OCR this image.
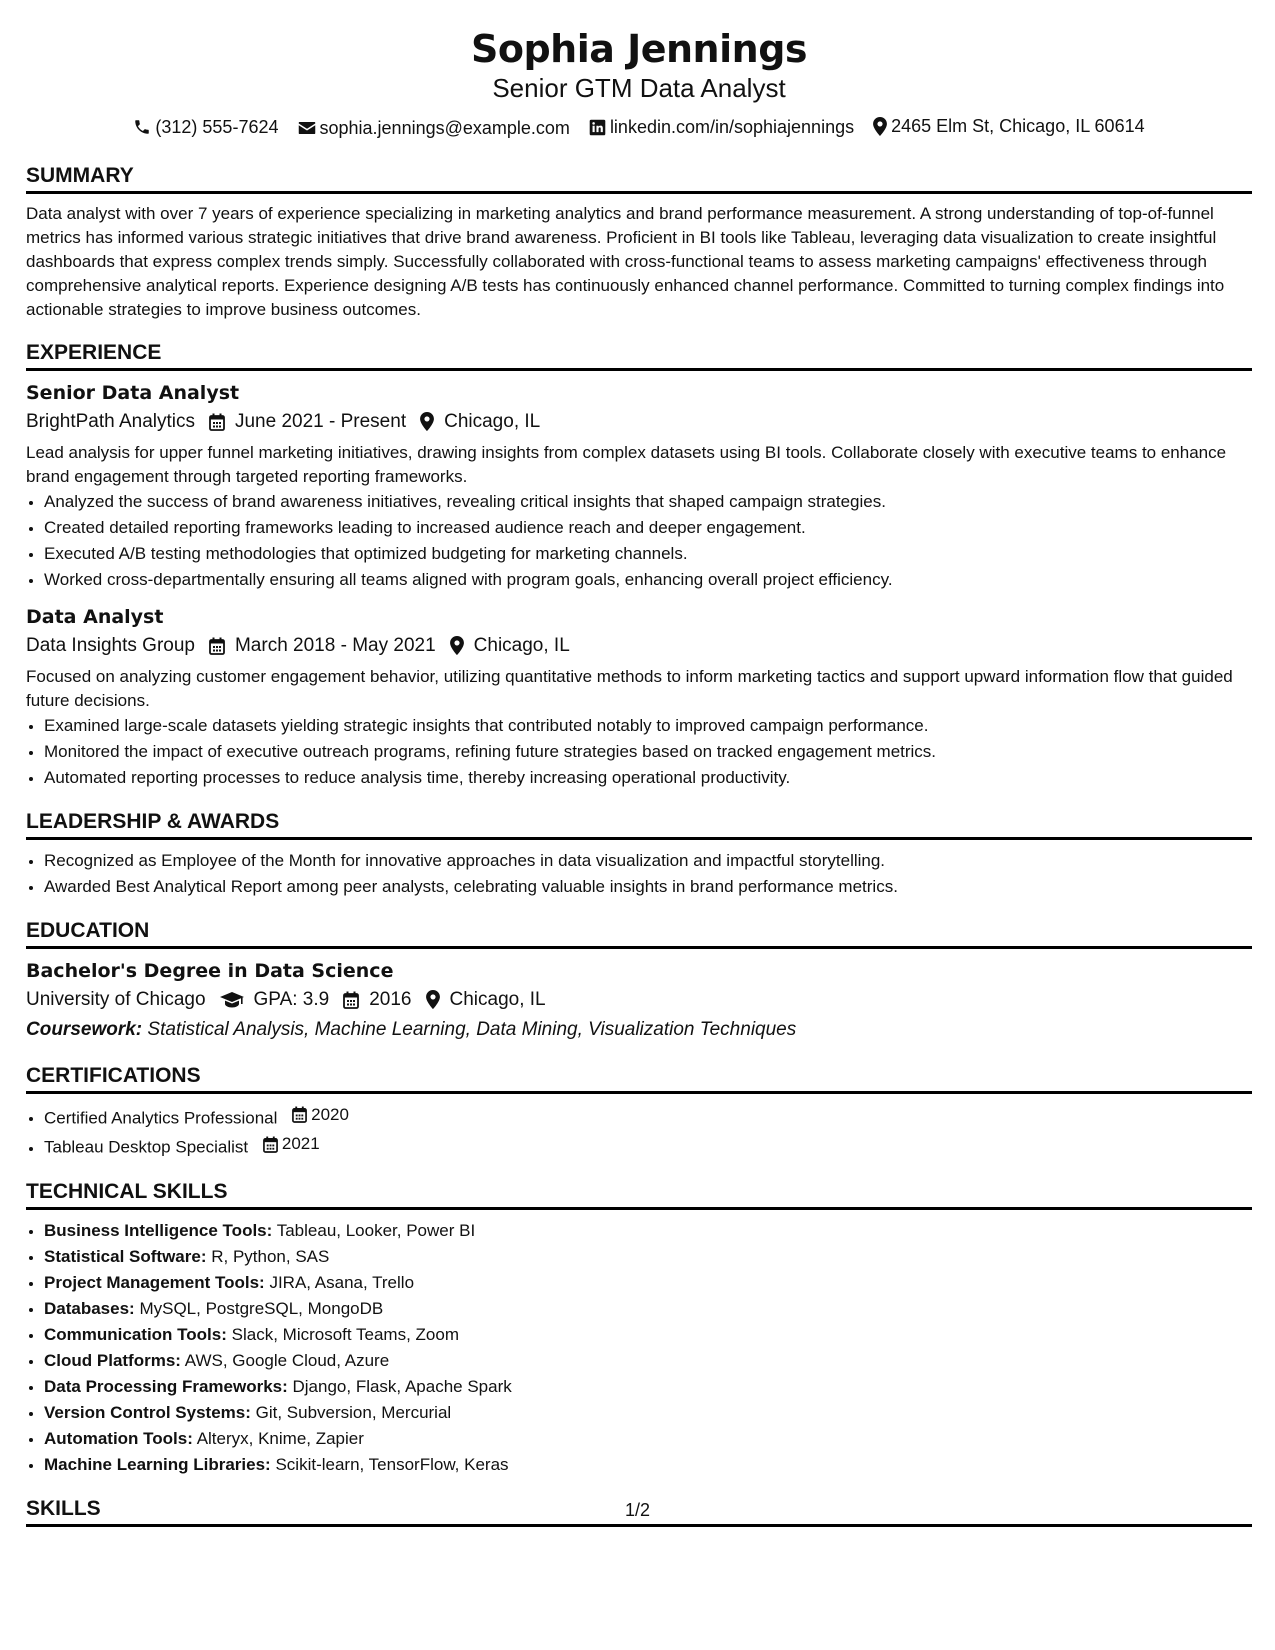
Sophia Jennings
Senior GTM Data Analyst
(312) 555-7624
sophia.jennings@example.com
linkedin.com/in/sophiajennings
2465 Elm St, Chicago, IL 60614
SUMMARY
Data analyst with over 7 years of experience specializing in marketing analytics and brand performance measurement. A strong understanding of top-of-funnel metrics has informed various strategic initiatives that drive brand awareness. Proficient in BI tools like Tableau, leveraging data visualization to create insightful dashboards that express complex trends simply. Successfully collaborated with cross-functional teams to assess marketing campaigns' effectiveness through comprehensive analytical reports. Experience designing A/B tests has continuously enhanced channel performance. Committed to turning complex findings into actionable strategies to improve business outcomes.
EXPERIENCE
Senior Data Analyst
BrightPath Analytics June 2021 - Present Chicago, IL
Lead analysis for upper funnel marketing initiatives, drawing insights from complex datasets using BI tools. Collaborate closely with executive teams to enhance brand engagement through targeted reporting frameworks.
• Analyzed the success of brand awareness initiatives, revealing critical insights that shaped campaign strategies.
• Created detailed reporting frameworks leading to increased audience reach and deeper engagement.
• Executed A/B testing methodologies that optimized budgeting for marketing channels.
• Worked cross-departmentally ensuring all teams aligned with program goals, enhancing overall project efficiency.
Data Analyst
Data Insights Group March 2018 - May 2021 Chicago, IL
Focused on analyzing customer engagement behavior, utilizing quantitative methods to inform marketing tactics and support upward information flow that guided future decisions.
• Examined large-scale datasets yielding strategic insights that contributed notably to improved campaign performance.
• Monitored the impact of executive outreach programs, refining future strategies based on tracked engagement metrics.
• Automated reporting processes to reduce analysis time, thereby increasing operational productivity.
LEADERSHIP & AWARDS
• Recognized as Employee of the Month for innovative approaches in data visualization and impactful storytelling.
• Awarded Best Analytical Report among peer analysts, celebrating valuable insights in brand performance metrics.
EDUCATION
Bachelor's Degree in Data Science
University of Chicago	GPA: 3.9 2016 Chicago, IL
Coursework: Statistical Analysis, Machine Learning, Data Mining, Visualization Techniques
CERTIFICATIONS
• Certified Analytics Professional 2020
• Tableau Desktop Specialist 2021
TECHNICAL SKILLS
• Business Intelligence Tools: Tableau, Looker, Power BI
• Statistical Software: R, Python, SAS
• Project Management Tools: JIRA, Asana, Trello
• Databases: MySQL, PostgreSQL, MongoDB
• Communication Tools: Slack, Microsoft Teams, Zoom
• Cloud Platforms: AWS, Google Cloud, Azure
• Data Processing Frameworks: Django, Flask, Apache Spark
• Version Control Systems: Git, Subversion, Mercurial
• Automation Tools: Alteryx, Knime, Zapier
• Machine Learning Libraries: Scikit-learn, TensorFlow, Keras
SKILLS	1/2
